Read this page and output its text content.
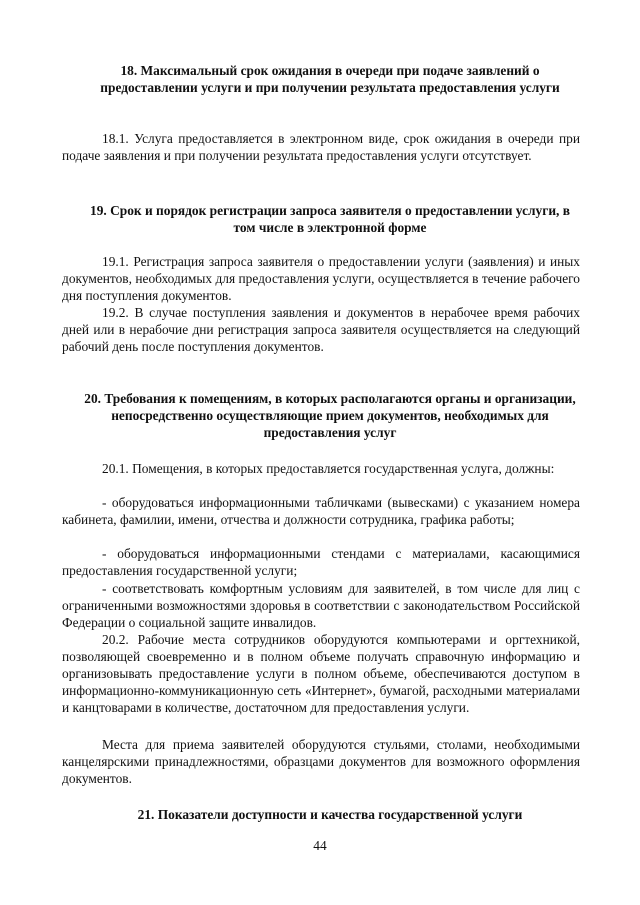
18. Максимальный срок ожидания в очереди при подаче заявлений о предоставлении услуги и при получении результата предоставления услуги
18.1. Услуга предоставляется в электронном виде, срок ожидания в очереди при подаче заявления и при получении результата предоставления услуги отсутствует.
19. Срок и порядок регистрации запроса заявителя о предоставлении услуги, в том числе в электронной форме
19.1. Регистрация запроса заявителя о предоставлении услуги (заявления) и иных документов, необходимых для предоставления услуги, осуществляется в течение рабочего дня поступления документов.
19.2. В случае поступления заявления и документов в нерабочее время рабочих дней или в нерабочие дни регистрация запроса заявителя осуществляется на следующий рабочий день после поступления документов.
20. Требования к помещениям, в которых располагаются органы и организации, непосредственно осуществляющие прием документов, необходимых для предоставления услуг
20.1. Помещения, в которых предоставляется государственная услуга, должны:
- оборудоваться информационными табличками (вывесками) с указанием номера кабинета, фамилии, имени, отчества и должности сотрудника, графика работы;
- оборудоваться информационными стендами с материалами, касающимися предоставления государственной услуги;
- соответствовать комфортным условиям для заявителей, в том числе для лиц с ограниченными возможностями здоровья в соответствии с законодательством Российской Федерации о социальной защите инвалидов.
20.2. Рабочие места сотрудников оборудуются компьютерами и оргтехникой, позволяющей своевременно и в полном объеме получать справочную информацию и организовывать предоставление услуги в полном объеме, обеспечиваются доступом в информационно-коммуникационную сеть «Интернет», бумагой, расходными материалами и канцтоварами в количестве, достаточном для предоставления услуги.
Места для приема заявителей оборудуются стульями, столами, необходимыми канцелярскими принадлежностями, образцами документов для возможного оформления документов.
21. Показатели доступности и качества государственной услуги
44
